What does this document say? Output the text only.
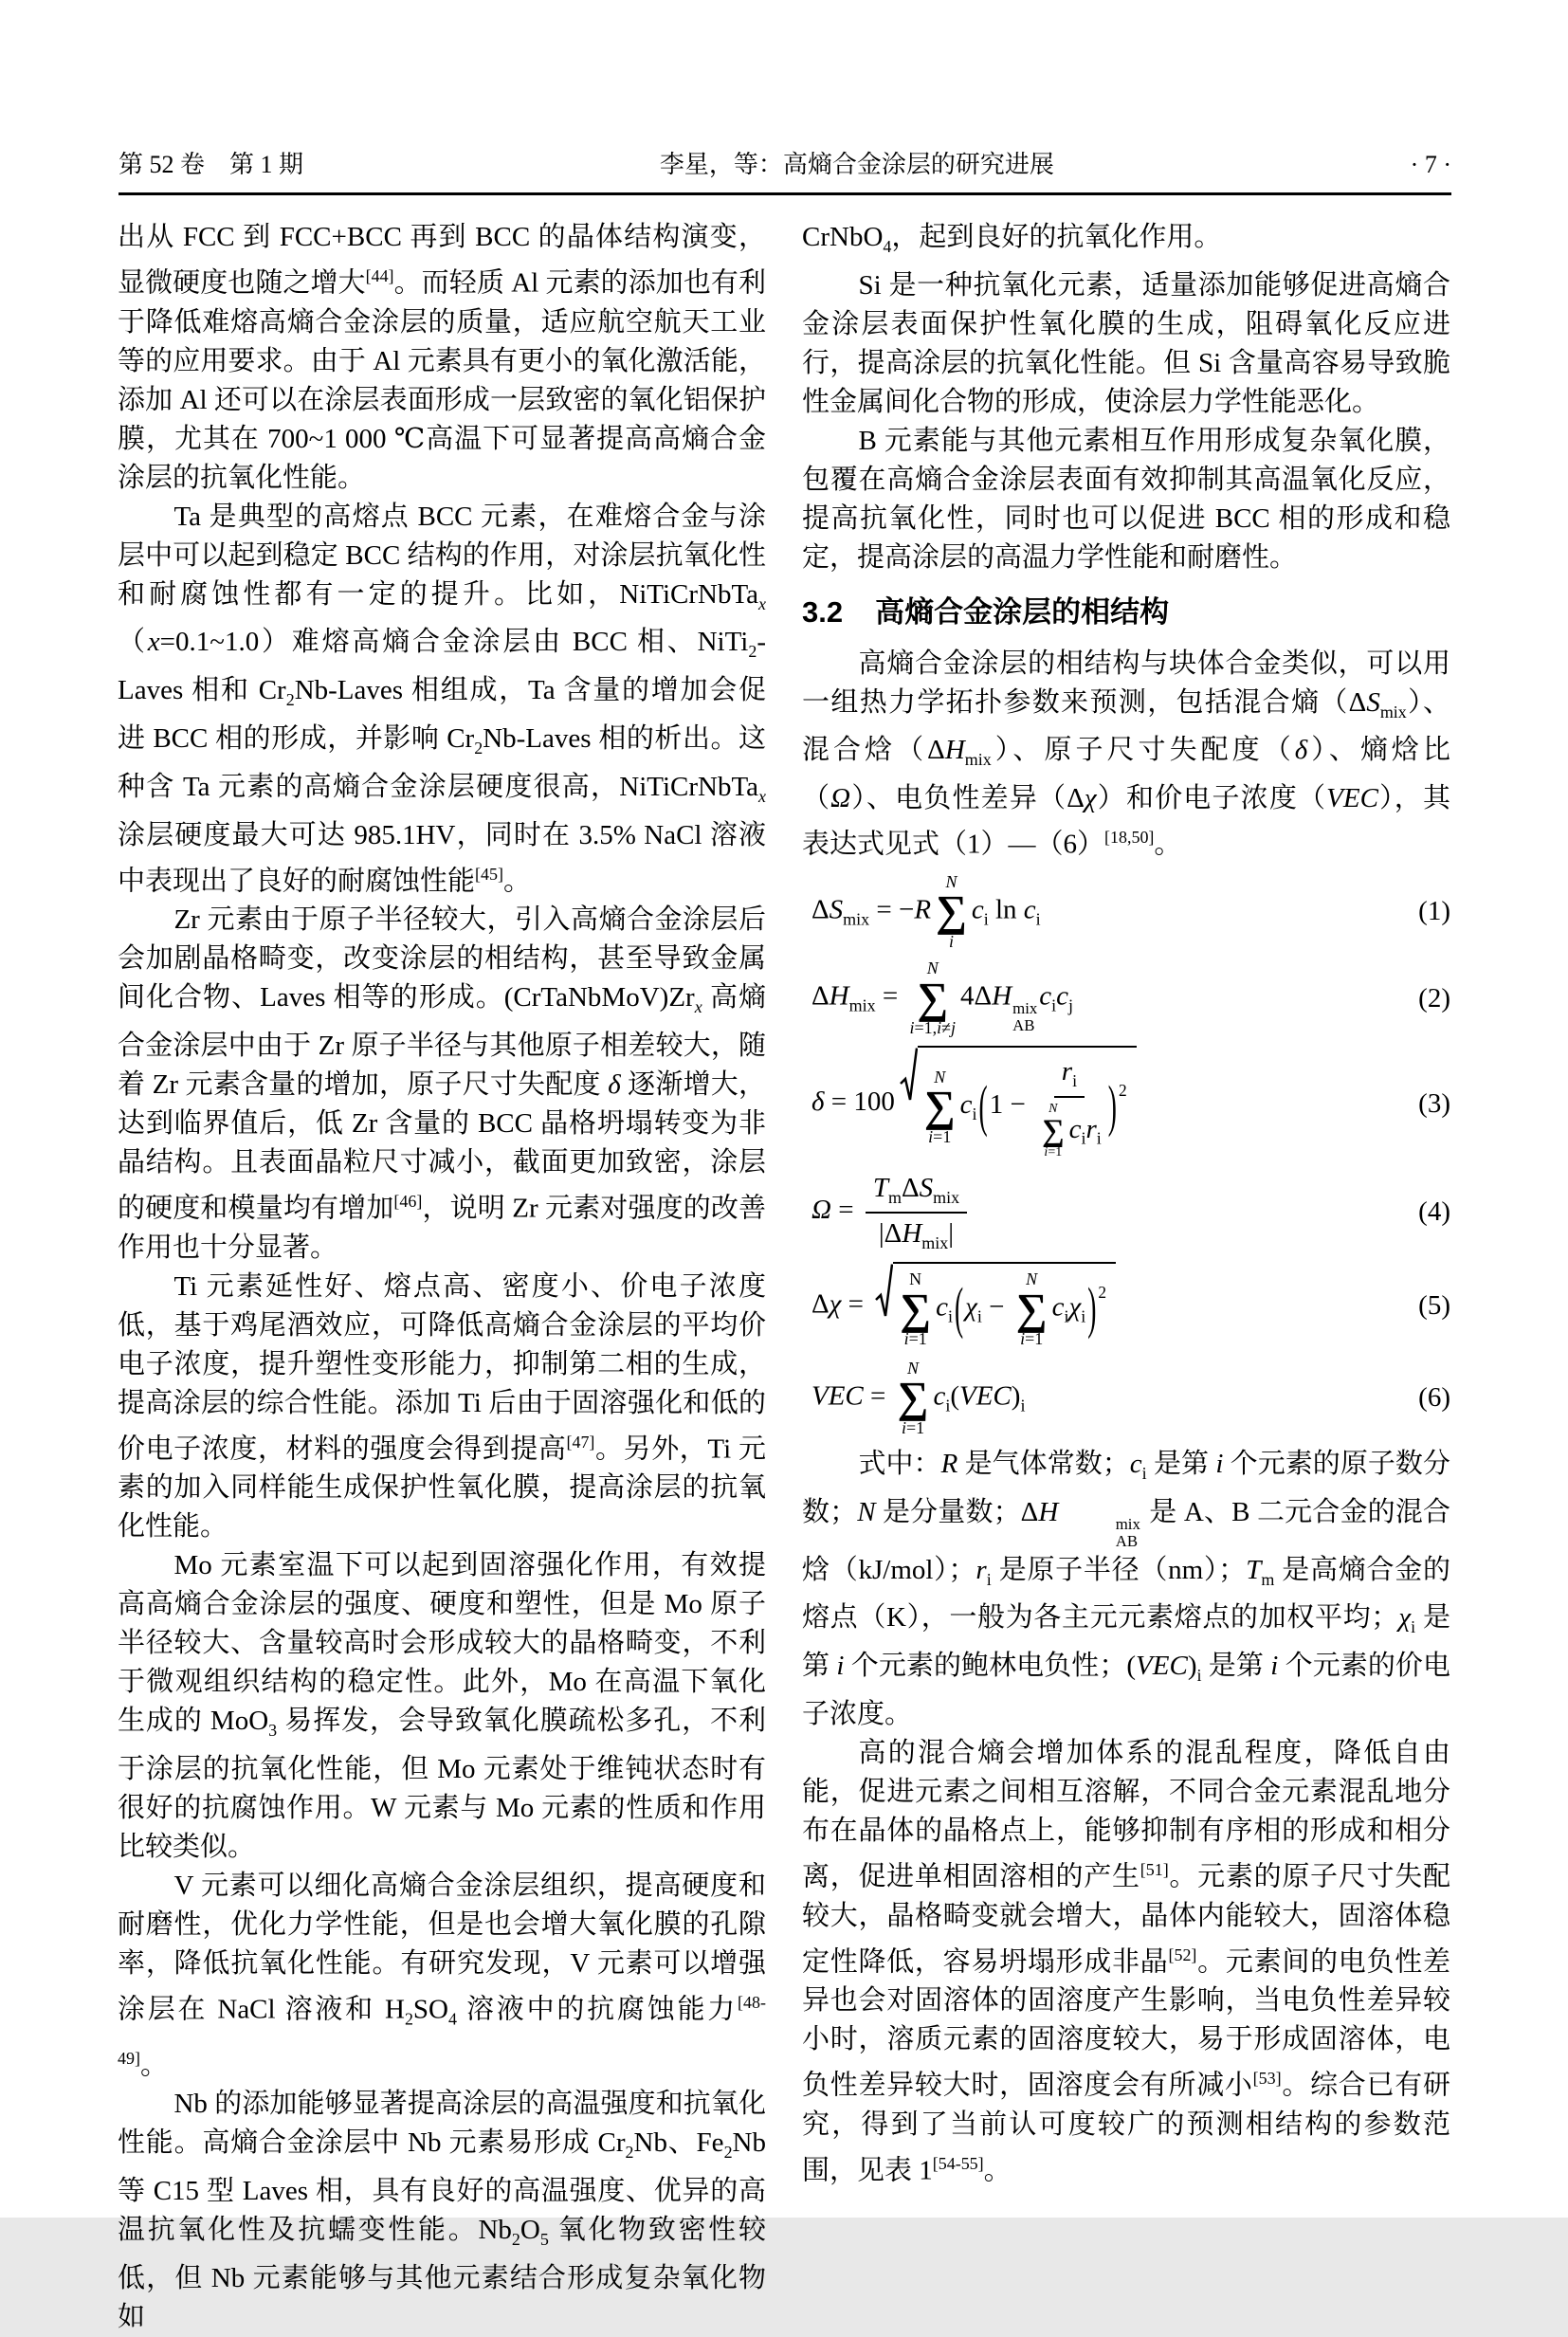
第 52 卷　第 1 期	李星，等：高熵合金涂层的研究进展	· 7 ·

出从 FCC 到 FCC+BCC 再到 BCC 的晶体结构演变，显微硬度也随之增大[44]。而轻质 Al 元素的添加也有利于降低难熔高熵合金涂层的质量，适应航空航天工业等的应用要求。由于 Al 元素具有更小的氧化激活能，添加 Al 还可以在涂层表面形成一层致密的氧化铝保护膜，尤其在 700~1 000 ℃高温下可显著提高高熵合金涂层的抗氧化性能。

Ta 是典型的高熔点 BCC 元素，在难熔合金与涂层中可以起到稳定 BCC 结构的作用，对涂层抗氧化性和耐腐蚀性都有一定的提升。比如，NiTiCrNbTa$_x$（x=0.1~1.0）难熔高熵合金涂层由 BCC 相、NiTi$_2$-Laves 相和 $Cr_2Nb$-Laves 相组成，Ta 含量的增加会促进 BCC 相的形成，并影响 $Cr_2Nb$-Laves 相的析出。这种含 Ta 元素的高熵合金涂层硬度很高，NiTiCrNbTa$_x$ 涂层硬度最大可达 985.1HV，同时在 3.5% NaCl 溶液中表现出了良好的耐腐蚀性能[45]。

Zr 元素由于原子半径较大，引入高熵合金涂层后会加剧晶格畸变，改变涂层的相结构，甚至导致金属间化合物、Laves 相等的形成。$(CrTaNbMoV)Zr_x$ 高熵合金涂层中由于 Zr 原子半径与其他原子相差较大，随着 Zr 元素含量的增加，原子尺寸失配度 δ 逐渐增大，达到临界值后，低 Zr 含量的 BCC 晶格坍塌转变为非晶结构。且表面晶粒尺寸减小，截面更加致密，涂层的硬度和模量均有增加[46]，说明 Zr 元素对强度的改善作用也十分显著。

Ti 元素延性好、熔点高、密度小、价电子浓度低，基于鸡尾酒效应，可降低高熵合金涂层的平均价电子浓度，提升塑性变形能力，抑制第二相的生成，提高涂层的综合性能。添加 Ti 后由于固溶强化和低的价电子浓度，材料的强度会得到提高[47]。另外，Ti 元素的加入同样能生成保护性氧化膜，提高涂层的抗氧化性能。

Mo 元素室温下可以起到固溶强化作用，有效提高高熵合金涂层的强度、硬度和塑性，但是 Mo 原子半径较大、含量较高时会形成较大的晶格畸变，不利于微观组织结构的稳定性。此外，Mo 在高温下氧化生成的 MoO$_3$ 易挥发，会导致氧化膜疏松多孔，不利于涂层的抗氧化性能，但 Mo 元素处于维钝状态时有很好的抗腐蚀作用。W 元素与 Mo 元素的性质和作用比较类似。

V 元素可以细化高熵合金涂层组织，提高硬度和耐磨性，优化力学性能，但是也会增大氧化膜的孔隙率，降低抗氧化性能。有研究发现，V 元素可以增强涂层在 NaCl 溶液和 $H_2SO_4$ 溶液中的抗腐蚀能力[48-49]。

Nb 的添加能够显著提高涂层的高温强度和抗氧化性能。高熵合金涂层中 Nb 元素易形成 $Cr_2Nb$、$Fe_2Nb$ 等 C15 型 Laves 相，具有良好的高温强度、优异的高温抗氧化性及抗蠕变性能。$Nb_2O_5$ 氧化物致密性较低，但 Nb 元素能够与其他元素结合形成复杂氧化物如

CrNbO$_4$，起到良好的抗氧化作用。

Si 是一种抗氧化元素，适量添加能够促进高熵合金涂层表面保护性氧化膜的生成，阻碍氧化反应进行，提高涂层的抗氧化性能。但 Si 含量高容易导致脆性金属间化合物的形成，使涂层力学性能恶化。

B 元素能与其他元素相互作用形成复杂氧化膜，包覆在高熵合金涂层表面有效抑制其高温氧化反应，提高抗氧化性，同时也可以促进 BCC 相的形成和稳定，提高涂层的高温力学性能和耐磨性。

3.2 高熵合金涂层的相结构

高熵合金涂层的相结构与块体合金类似，可以用一组热力学拓扑参数来预测，包括混合熵$(\Delta S_{mix})$、混合焓$(\Delta H_{mix})$、原子尺寸失配度（δ）、熵焓比（Ω）、电负性差异（Δχ）和价电子浓度（VEC），其表达式见式（1）—（6）[18,50]。

$\Delta S_{mix} = -R$
N
∑
i
$c_i$ $\ln c_i$	(1)
$\Delta H_{mix}$ =
N
∑
i=1,i≠j
4ΔH mix
AB
$c_ic_j$	(2)
δ = 100
N
∑
i=1
$c_i(1 - r_i$
N
∑
i=1
$c_ir_i$ ) $^2$	(3)
$\Omega = \frac{T_m\Delta S_{mix}}{|\Delta H_{mix}|}$	(4)
Δχ =
N
∑
i=1
$c_i(\chi_i$ −
N
∑
i=1
$c_i\chi_i$) $^2$	(5)
VEC =
N
∑
i=1
$c_i(VEC)_i$	(6)

式中：R 是气体常数；$c_i$ 是第 i 个元素的原子数分数；N 是分量数；ΔH	mix
AB
是 A、B 二元合金的混合焓（kJ/mol）；$r_i$ 是原子半径（nm）；$T_m$ 是高熵合金的熔点（K），一般为各主元元素熔点的加权平均；$\chi_i$ 是第 i 个元素的鲍林电负性；$(VEC)_i$ 是第 i 个元素的价电子浓度。

高的混合熵会增加体系的混乱程度，降低自由能，促进元素之间相互溶解，不同合金元素混乱地分布在晶体的晶格点上，能够抑制有序相的形成和相分离，促进单相固溶相的产生[51]。元素的原子尺寸失配较大，晶格畸变就会增大，晶体内能较大，固溶体稳定性降低，容易坍塌形成非晶[52]。元素间的电负性差异也会对固溶体的固溶度产生影响，当电负性差异较小时，溶质元素的固溶度较大，易于形成固溶体，电负性差异较大时，固溶度会有所减小[53]。综合已有研究，得到了当前认可度较广的预测相结构的参数范围，见表 1[54-55]。
